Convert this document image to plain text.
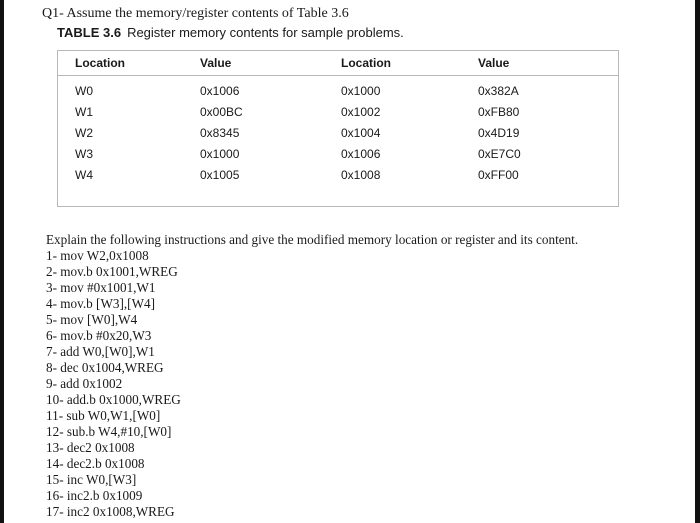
Q1- Assume the memory/register contents of Table 3.6
TABLE 3.6 Register memory contents for sample problems.
Location	Value	Location	Value
W0	0x1006	0x1000	0x382A
W1	0x00BC	0x1002	0xFB80
W2	0x8345	0x1004	0x4D19
W3	0x1000	0x1006	0xE7C0
W4	0x1005	0x1008	0xFF00
Explain the following instructions and give the modified memory location or register and its content.
1- mov W2,0x1008
2- mov.b 0x1001,WREG
3- mov #0x1001,W1
4- mov.b [W3],[W4]
5- mov [W0],W4
6- mov.b #0x20,W3
7- add W0,[W0],W1
8- dec 0x1004,WREG
9- add 0x1002
10- add.b 0x1000,WREG
11- sub W0,W1,[W0]
12- sub.b W4,#10,[W0]
13- dec2 0x1008
14- dec2.b 0x1008
15- inc W0,[W3]
16- inc2.b 0x1009
17- inc2 0x1008,WREG
